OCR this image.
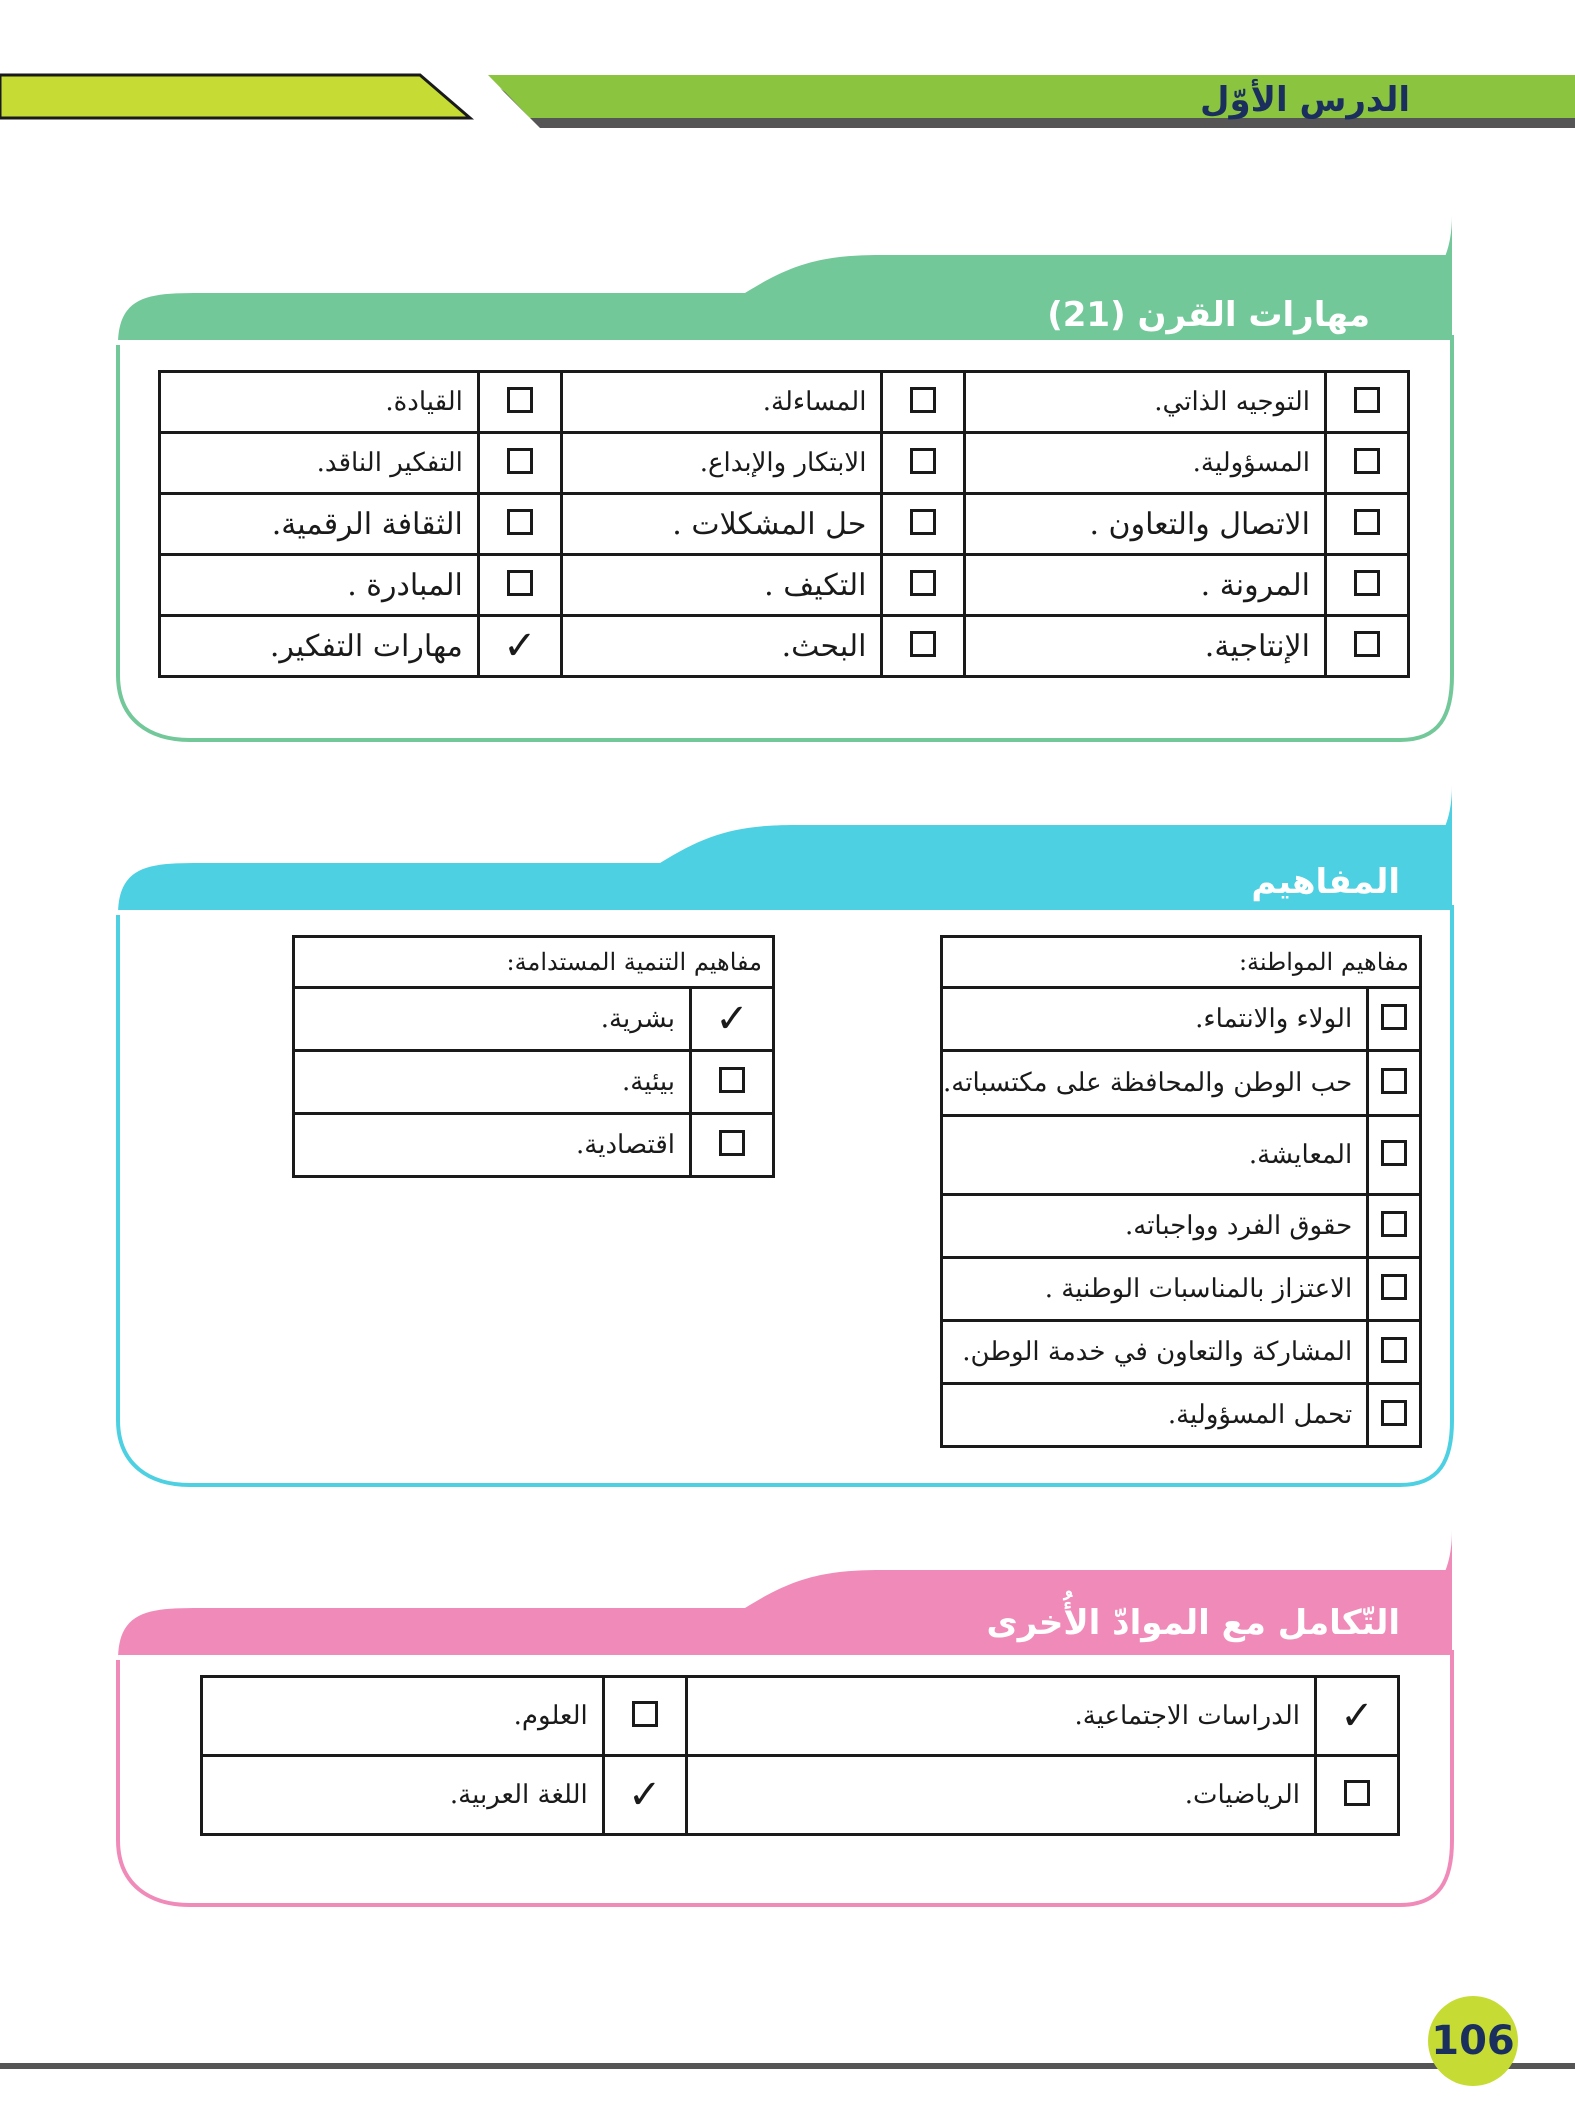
الدرس الأوّل
مهارات القرن (21)
	التوجيه الذاتي.		المساءلة.		القيادة.
	المسؤولية.		الابتكار والإبداع.		التفكير الناقد.
	الاتصال والتعاون .		حل المشكلات .		الثقافة الرقمية.
	المرونة .		التكيف .		المبادرة .
	الإنتاجية.		البحث.	✓	مهارات التفكير.
المفاهيم
مفاهيم المواطنة:	
	الولاء والانتماء.
	حب الوطن والمحافظة على مكتسباته.
	المعايشة.
	حقوق الفرد وواجباته.
	الاعتزاز بالمناسبات الوطنية .
	المشاركة والتعاون في خدمة الوطن.
	تحمل المسؤولية.
مفاهيم التنمية المستدامة:	
✓	بشرية.
	بيئية.
	اقتصادية.
التّكامل مع الموادّ الأُخرى
✓	الدراسات الاجتماعية.		العلوم.
	الرياضيات.	✓	اللغة العربية.
106
